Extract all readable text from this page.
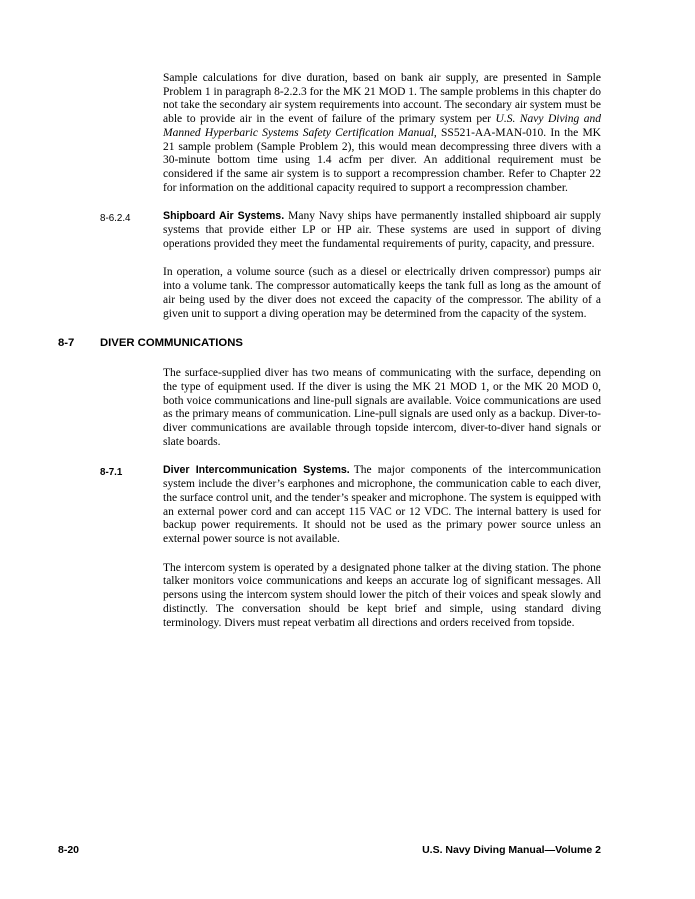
Sample calculations for dive duration, based on bank air supply, are presented in Sample Problem 1 in paragraph 8-2.2.3 for the MK 21 MOD 1. The sample problems in this chapter do not take the secondary air system requirements into account. The secondary air system must be able to provide air in the event of failure of the primary system per U.S. Navy Diving and Manned Hyperbaric Systems Safety Certification Manual, SS521-AA-MAN-010. In the MK 21 sample problem (Sample Problem 2), this would mean decompressing three divers with a 30-minute bottom time using 1.4 acfm per diver. An additional requirement must be considered if the same air system is to support a recompression chamber. Refer to Chapter 22 for information on the additional capacity required to support a recompression chamber.

8-6.2.4	Shipboard Air Systems. Many Navy ships have permanently installed shipboard air supply systems that provide either LP or HP air. These systems are used in support of diving operations provided they meet the fundamental requirements of purity, capacity, and pressure.

In operation, a volume source (such as a diesel or electrically driven compressor) pumps air into a volume tank. The compressor automatically keeps the tank full as long as the amount of air being used by the diver does not exceed the capacity of the compressor. The ability of a given unit to support a diving operation may be determined from the capacity of the system.

8-7	DIVER COMMUNICATIONS

The surface-supplied diver has two means of communicating with the surface, depending on the type of equipment used. If the diver is using the MK 21 MOD 1, or the MK 20 MOD 0, both voice communications and line-pull signals are available. Voice communications are used as the primary means of communication. Line-pull signals are used only as a backup. Diver-to-diver communications are available through topside intercom, diver-to-diver hand signals or slate boards.

8-7.1	Diver Intercommunication Systems. The major components of the intercommunication system include the diver’s earphones and microphone, the communication cable to each diver, the surface control unit, and the tender’s speaker and microphone. The system is equipped with an external power cord and can accept 115 VAC or 12 VDC. The internal battery is used for backup power requirements. It should not be used as the primary power source unless an external power source is not available.

The intercom system is operated by a designated phone talker at the diving station. The phone talker monitors voice communications and keeps an accurate log of significant messages. All persons using the intercom system should lower the pitch of their voices and speak slowly and distinctly. The conversation should be kept brief and simple, using standard diving terminology. Divers must repeat verbatim all directions and orders received from topside.

8-20	U.S. Navy Diving Manual—Volume 2
